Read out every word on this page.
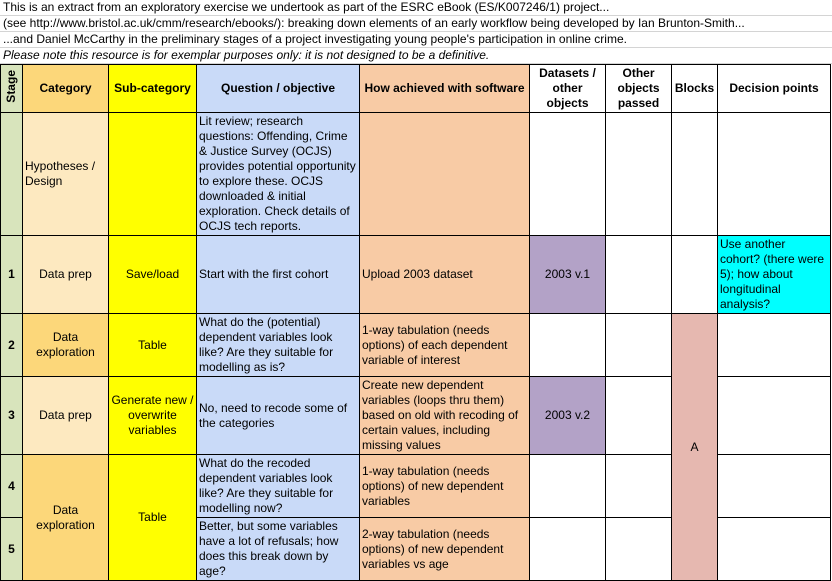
This is an extract from an exploratory exercise we undertook as part of the ESRC eBook (ES/K007246/1) project...
(see http://www.bristol.ac.uk/cmm/research/ebooks/): breaking down elements of an early workflow being developed by Ian Brunton-Smith...
...and Daniel McCarthy in the preliminary stages of a project investigating young people's participation in online crime.
Please note this resource is for exemplar purposes only: it is not designed to be a definitive.
Stage	Category	Sub-category	Question / objective	How achieved with software	Datasets / other objects	Other objects passed	Blocks	Decision points
	Hypotheses / Design		Lit review; research questions: Offending, Crime & Justice Survey (OCJS) provides potential opportunity to explore these. OCJS downloaded & initial exploration. Check details of OCJS tech reports.					
1	Data prep	Save/load	Start with the first cohort	Upload 2003 dataset	2003 v.1			Use another cohort? (there were 5); how about longitudinal analysis?
2	Data exploration	Table	What do the (potential) dependent variables look like? Are they suitable for modelling as is?	1-way tabulation (needs options) of each dependent variable of interest			A	
3	Data prep	Generate new / overwrite variables	No, need to recode some of the categories	Create new dependent variables (loops thru them) based on old with recoding of certain values, including missing values	2003 v.2			
4	Data exploration	Table	What do the recoded dependent variables look like? Are they suitable for modelling now?	1-way tabulation (needs options) of new dependent variables				
5			Better, but some variables have a lot of refusals; how does this break down by age?	2-way tabulation (needs options) of new dependent variables vs age				
